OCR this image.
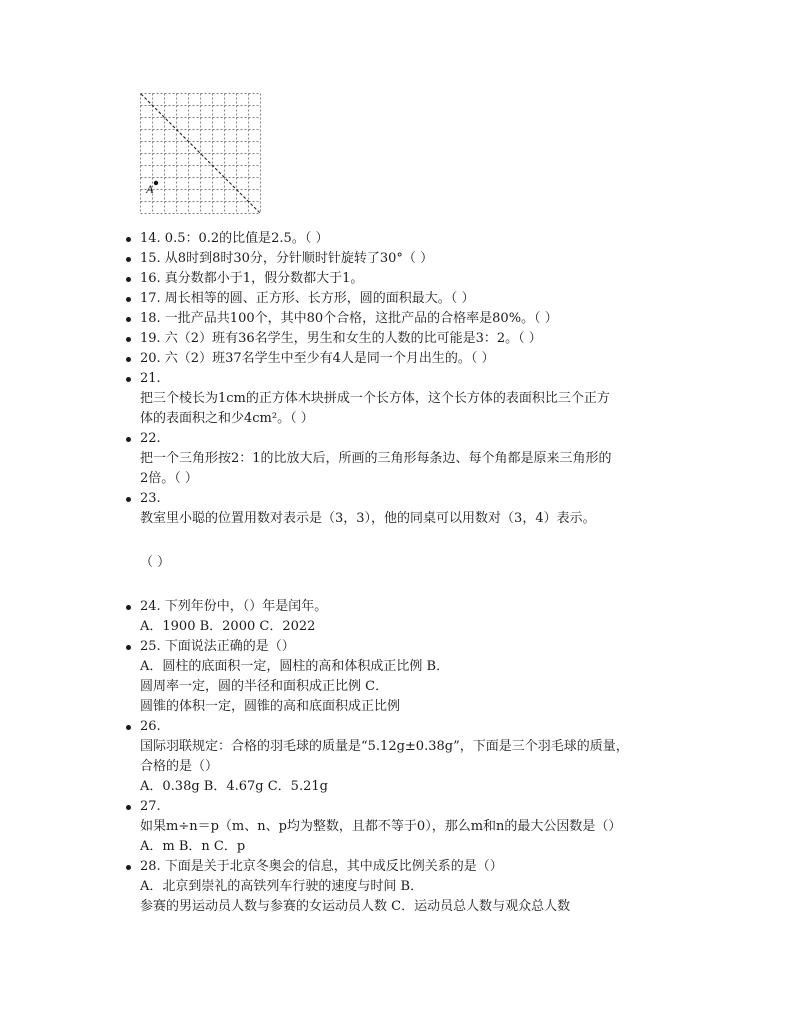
A
14. 0.5：0.2的比值是2.5。（ ）
15. 从8时到8时30分，分针顺时针旋转了30°（ ）
16. 真分数都小于1，假分数都大于1。
17. 周长相等的圆、正方形、长方形，圆的面积最大。（ ）
18. 一批产品共100个，其中80个合格，这批产品的合格率是80%。（ ）
19. 六（2）班有36名学生，男生和女生的人数的比可能是3：2。（ ）
20. 六（2）班37名学生中至少有4人是同一个月出生的。（ ）
21.
把三个棱长为1cm的正方体木块拼成一个长方体，这个长方体的表面积比三个正方
体的表面积之和少4cm²。（ ）
22.
把一个三角形按2：1的比放大后，所画的三角形每条边、每个角都是原来三角形的
2倍。（ ）
23.
教室里小聪的位置用数对表示是（3，3），他的同桌可以用数对（3，4）表示。
（ ）
24. 下列年份中，（）年是闰年。
A．1900 B．2000 C．2022
25. 下面说法正确的是（）
A．圆柱的底面积一定，圆柱的高和体积成正比例 B．
圆周率一定，圆的半径和面积成正比例 C．
圆锥的体积一定，圆锥的高和底面积成正比例
26.
国际羽联规定：合格的羽毛球的质量是“5.12g±0.38g”，下面是三个羽毛球的质量，
合格的是（）
A．0.38g B．4.67g C．5.21g
27.
如果m÷n＝p（m、n、p均为整数，且都不等于0），那么m和n的最大公因数是（）
A．m B．n C．p
28. 下面是关于北京冬奥会的信息，其中成反比例关系的是（）
A．北京到崇礼的高铁列车行驶的速度与时间 B．
参赛的男运动员人数与参赛的女运动员人数 C．运动员总人数与观众总人数
